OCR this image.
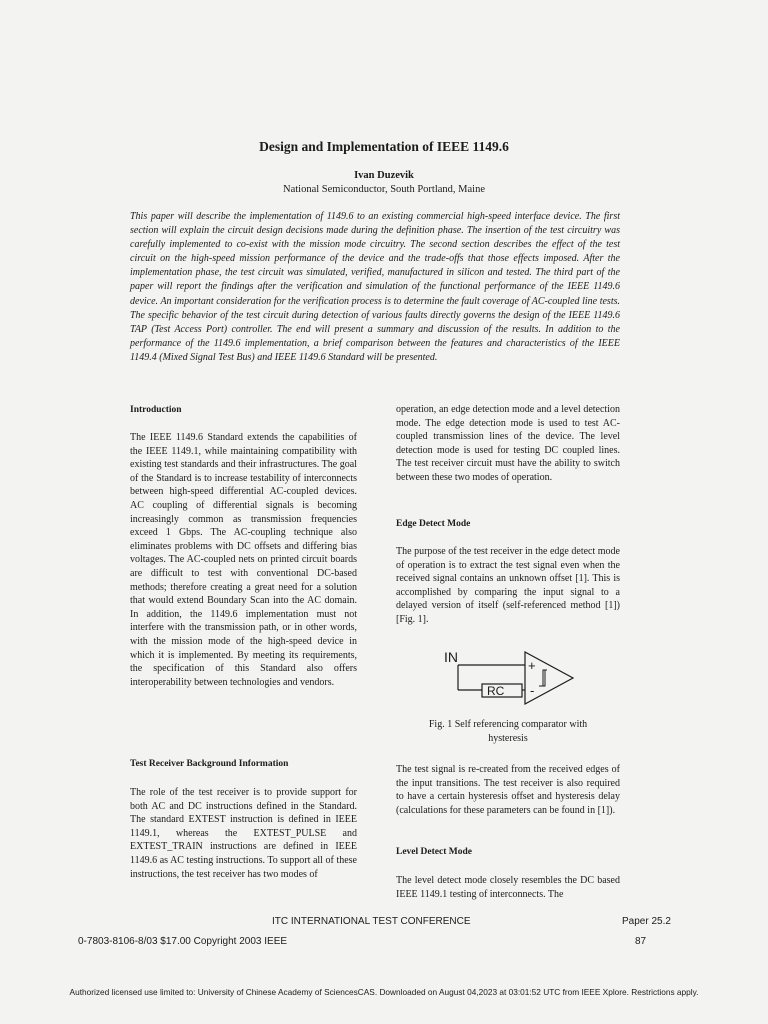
Design and Implementation of IEEE 1149.6
Ivan Duzevik
National Semiconductor, South Portland, Maine
This paper will describe the implementation of 1149.6 to an existing commercial high-speed interface device. The first section will explain the circuit design decisions made during the definition phase. The insertion of the test circuitry was carefully implemented to co-exist with the mission mode circuitry. The second section describes the effect of the test circuit on the high-speed mission performance of the device and the trade-offs that those effects imposed. After the implementation phase, the test circuit was simulated, verified, manufactured in silicon and tested. The third part of the paper will report the findings after the verification and simulation of the functional performance of the IEEE 1149.6 device. An important consideration for the verification process is to determine the fault coverage of AC-coupled line tests. The specific behavior of the test circuit during detection of various faults directly governs the design of the IEEE 1149.6 TAP (Test Access Port) controller. The end will present a summary and discussion of the results. In addition to the performance of the 1149.6 implementation, a brief comparison between the features and characteristics of the IEEE 1149.4 (Mixed Signal Test Bus) and IEEE 1149.6 Standard will be presented.
Introduction
The IEEE 1149.6 Standard extends the capabilities of the IEEE 1149.1, while maintaining compatibility with existing test standards and their infrastructures. The goal of the Standard is to increase testability of interconnects between high-speed differential AC-coupled devices. AC coupling of differential signals is becoming increasingly common as transmission frequencies exceed 1 Gbps. The AC-coupling technique also eliminates problems with DC offsets and differing bias voltages. The AC-coupled nets on printed circuit boards are difficult to test with conventional DC-based methods; therefore creating a great need for a solution that would extend Boundary Scan into the AC domain. In addition, the 1149.6 implementation must not interfere with the transmission path, or in other words, with the mission mode of the high-speed device in which it is implemented. By meeting its requirements, the specification of this Standard also offers interoperability between technologies and vendors.
Test Receiver Background Information
The role of the test receiver is to provide support for both AC and DC instructions defined in the Standard. The standard EXTEST instruction is defined in IEEE 1149.1, whereas the EXTEST_PULSE and EXTEST_TRAIN instructions are defined in IEEE 1149.6 as AC testing instructions. To support all of these instructions, the test receiver has two modes of
operation, an edge detection mode and a level detection mode. The edge detection mode is used to test AC-coupled transmission lines of the device. The level detection mode is used for testing DC coupled lines. The test receiver circuit must have the ability to switch between these two modes of operation.
Edge Detect Mode
The purpose of the test receiver in the edge detect mode of operation is to extract the test signal even when the received signal contains an unknown offset [1]. This is accomplished by comparing the input signal to a delayed version of itself (self-referenced method [1]) [Fig. 1].
IN
RC
+
-
Fig. 1 Self referencing comparator with
hysteresis
The test signal is re-created from the received edges of the input transitions. The test receiver is also required to have a certain hysteresis offset and hysteresis delay (calculations for these parameters can be found in [1]).
Level Detect Mode
The level detect mode closely resembles the DC based IEEE 1149.1 testing of interconnects. The
ITC INTERNATIONAL TEST CONFERENCE	Paper 25.2
0-7803-8106-8/03 $17.00 Copyright 2003 IEEE	87
Authorized licensed use limited to: University of Chinese Academy of SciencesCAS. Downloaded on August 04,2023 at 03:01:52 UTC from IEEE Xplore. Restrictions apply.
